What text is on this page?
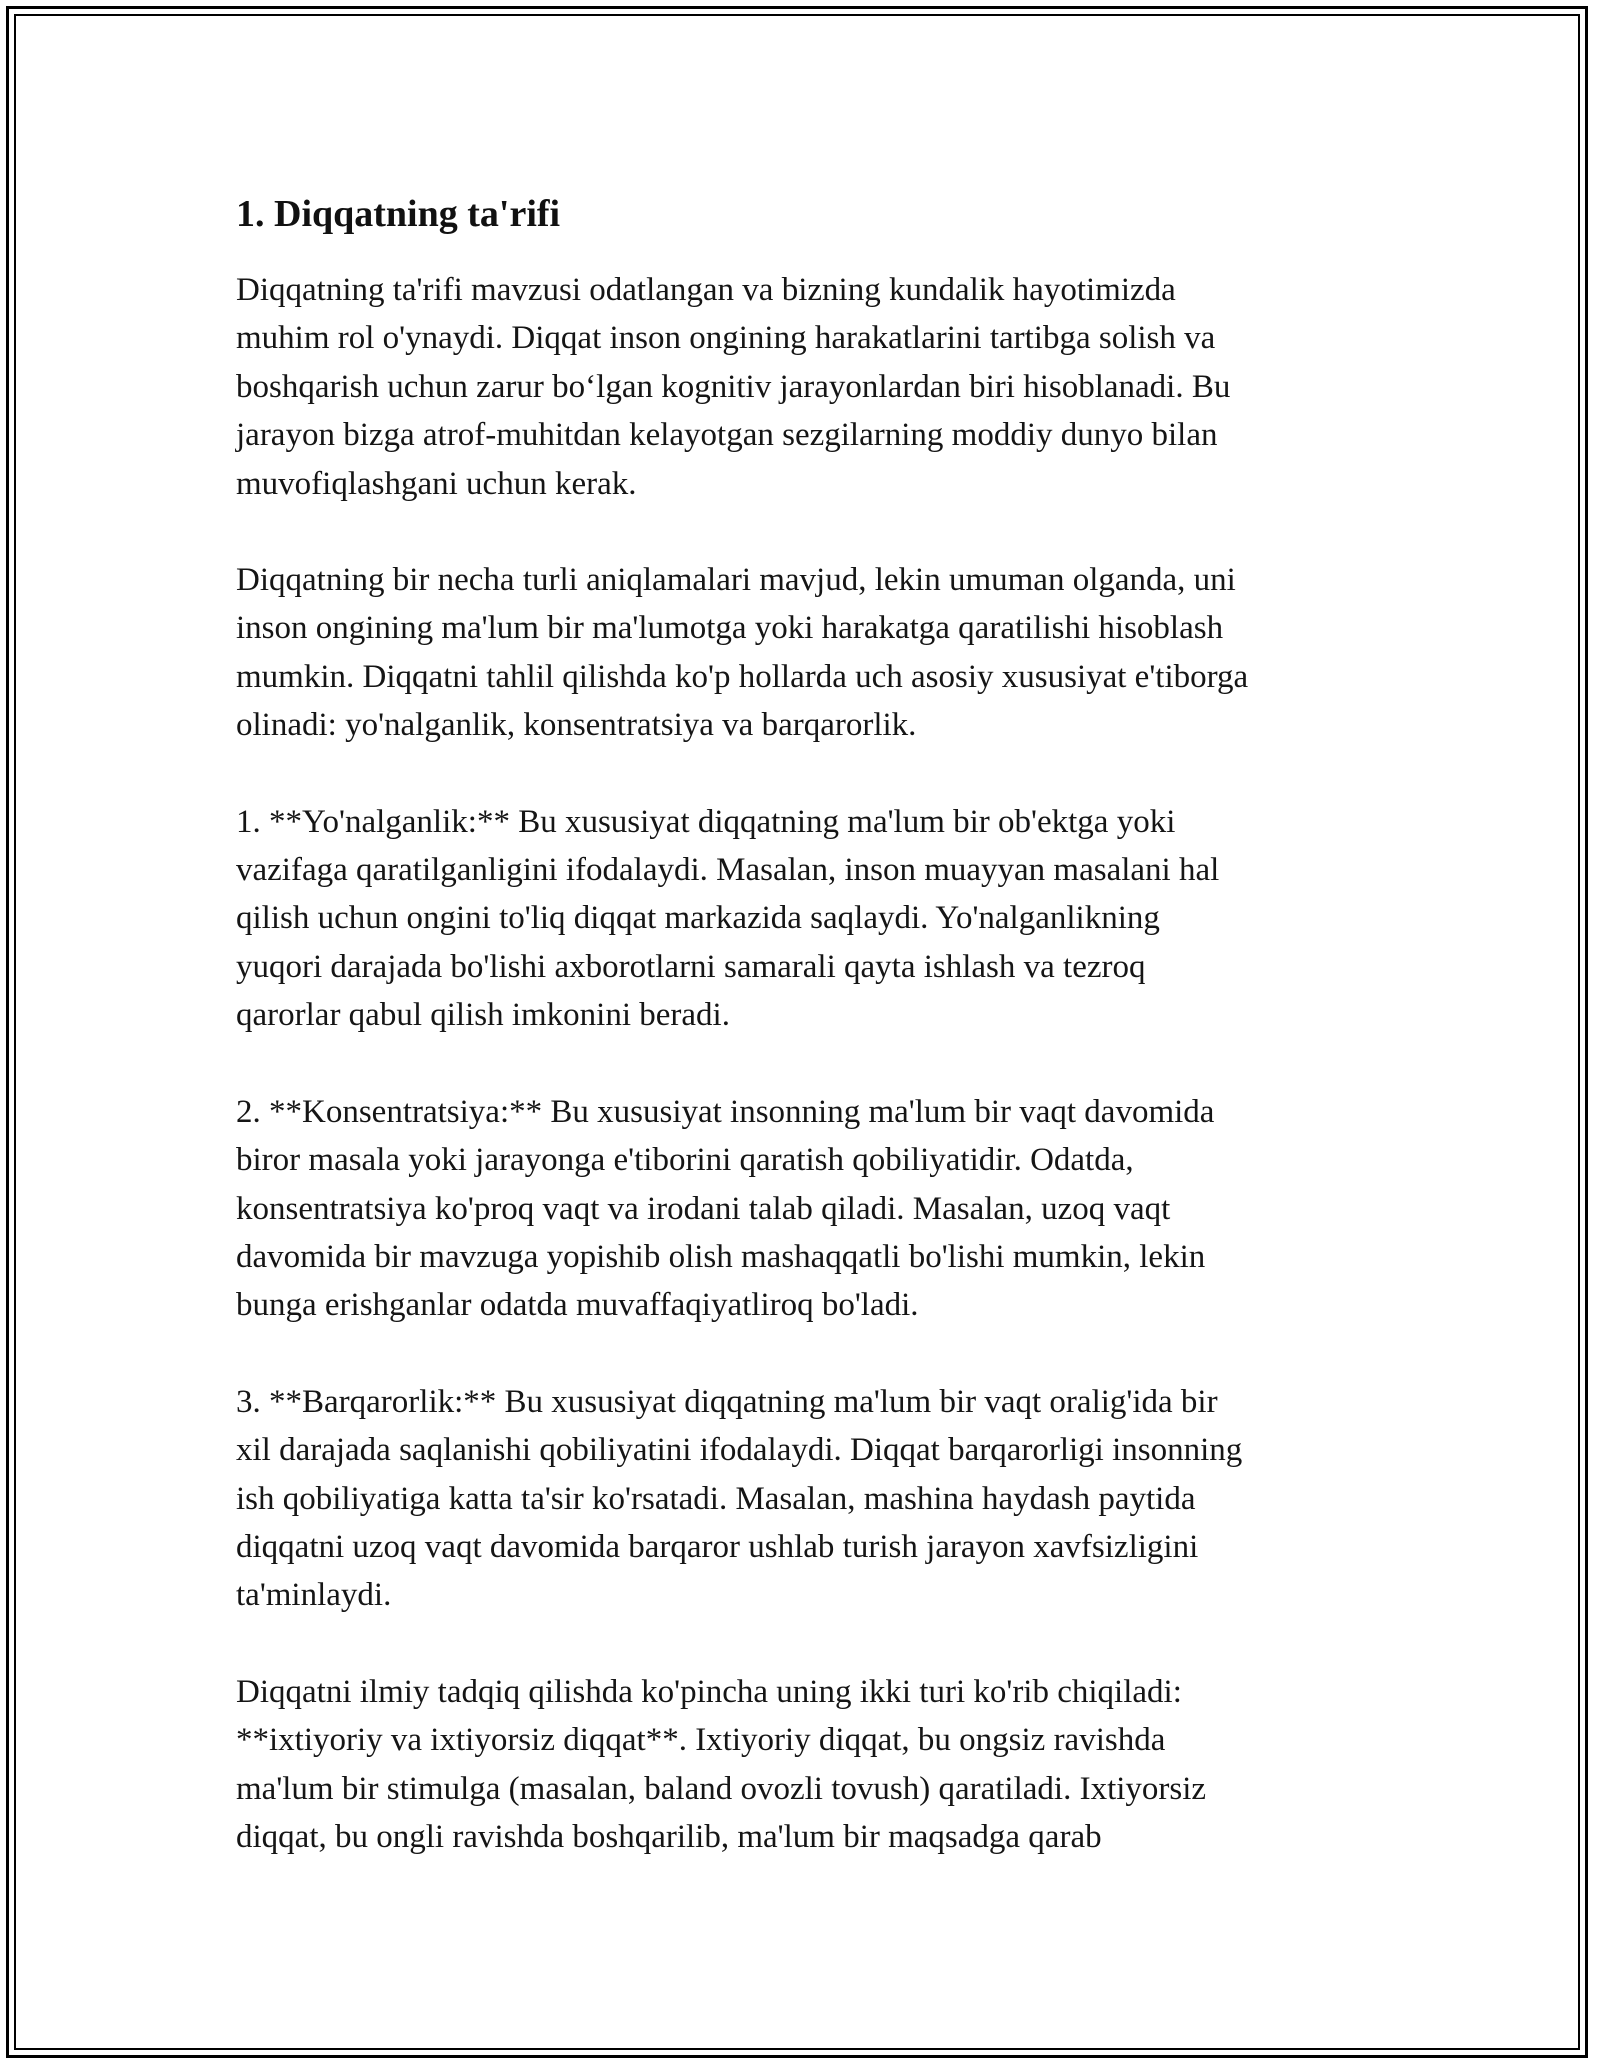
1. Diqqatning ta'rifi

Diqqatning ta'rifi mavzusi odatlangan va bizning kundalik hayotimizda
muhim rol o'ynaydi. Diqqat inson ongining harakatlarini tartibga solish va
boshqarish uchun zarur bo‘lgan kognitiv jarayonlardan biri hisoblanadi. Bu
jarayon bizga atrof-muhitdan kelayotgan sezgilarning moddiy dunyo bilan
muvofiqlashgani uchun kerak.

Diqqatning bir necha turli aniqlamalari mavjud, lekin umuman olganda, uni
inson ongining ma'lum bir ma'lumotga yoki harakatga qaratilishi hisoblash
mumkin. Diqqatni tahlil qilishda ko'p hollarda uch asosiy xususiyat e'tiborga
olinadi: yo'nalganlik, konsentratsiya va barqarorlik.

1. **Yo'nalganlik:** Bu xususiyat diqqatning ma'lum bir ob'ektga yoki
vazifaga qaratilganligini ifodalaydi. Masalan, inson muayyan masalani hal
qilish uchun ongini to'liq diqqat markazida saqlaydi. Yo'nalganlikning
yuqori darajada bo'lishi axborotlarni samarali qayta ishlash va tezroq
qarorlar qabul qilish imkonini beradi.

2. **Konsentratsiya:** Bu xususiyat insonning ma'lum bir vaqt davomida
biror masala yoki jarayonga e'tiborini qaratish qobiliyatidir. Odatda,
konsentratsiya ko'proq vaqt va irodani talab qiladi. Masalan, uzoq vaqt
davomida bir mavzuga yopishib olish mashaqqatli bo'lishi mumkin, lekin
bunga erishganlar odatda muvaffaqiyatliroq bo'ladi.

3. **Barqarorlik:** Bu xususiyat diqqatning ma'lum bir vaqt oralig'ida bir
xil darajada saqlanishi qobiliyatini ifodalaydi. Diqqat barqarorligi insonning
ish qobiliyatiga katta ta'sir ko'rsatadi. Masalan, mashina haydash paytida
diqqatni uzoq vaqt davomida barqaror ushlab turish jarayon xavfsizligini
ta'minlaydi.

Diqqatni ilmiy tadqiq qilishda ko'pincha uning ikki turi ko'rib chiqiladi:
**ixtiyoriy va ixtiyorsiz diqqat**. Ixtiyoriy diqqat, bu ongsiz ravishda
ma'lum bir stimulga (masalan, baland ovozli tovush) qaratiladi. Ixtiyorsiz
diqqat, bu ongli ravishda boshqarilib, ma'lum bir maqsadga qarab
